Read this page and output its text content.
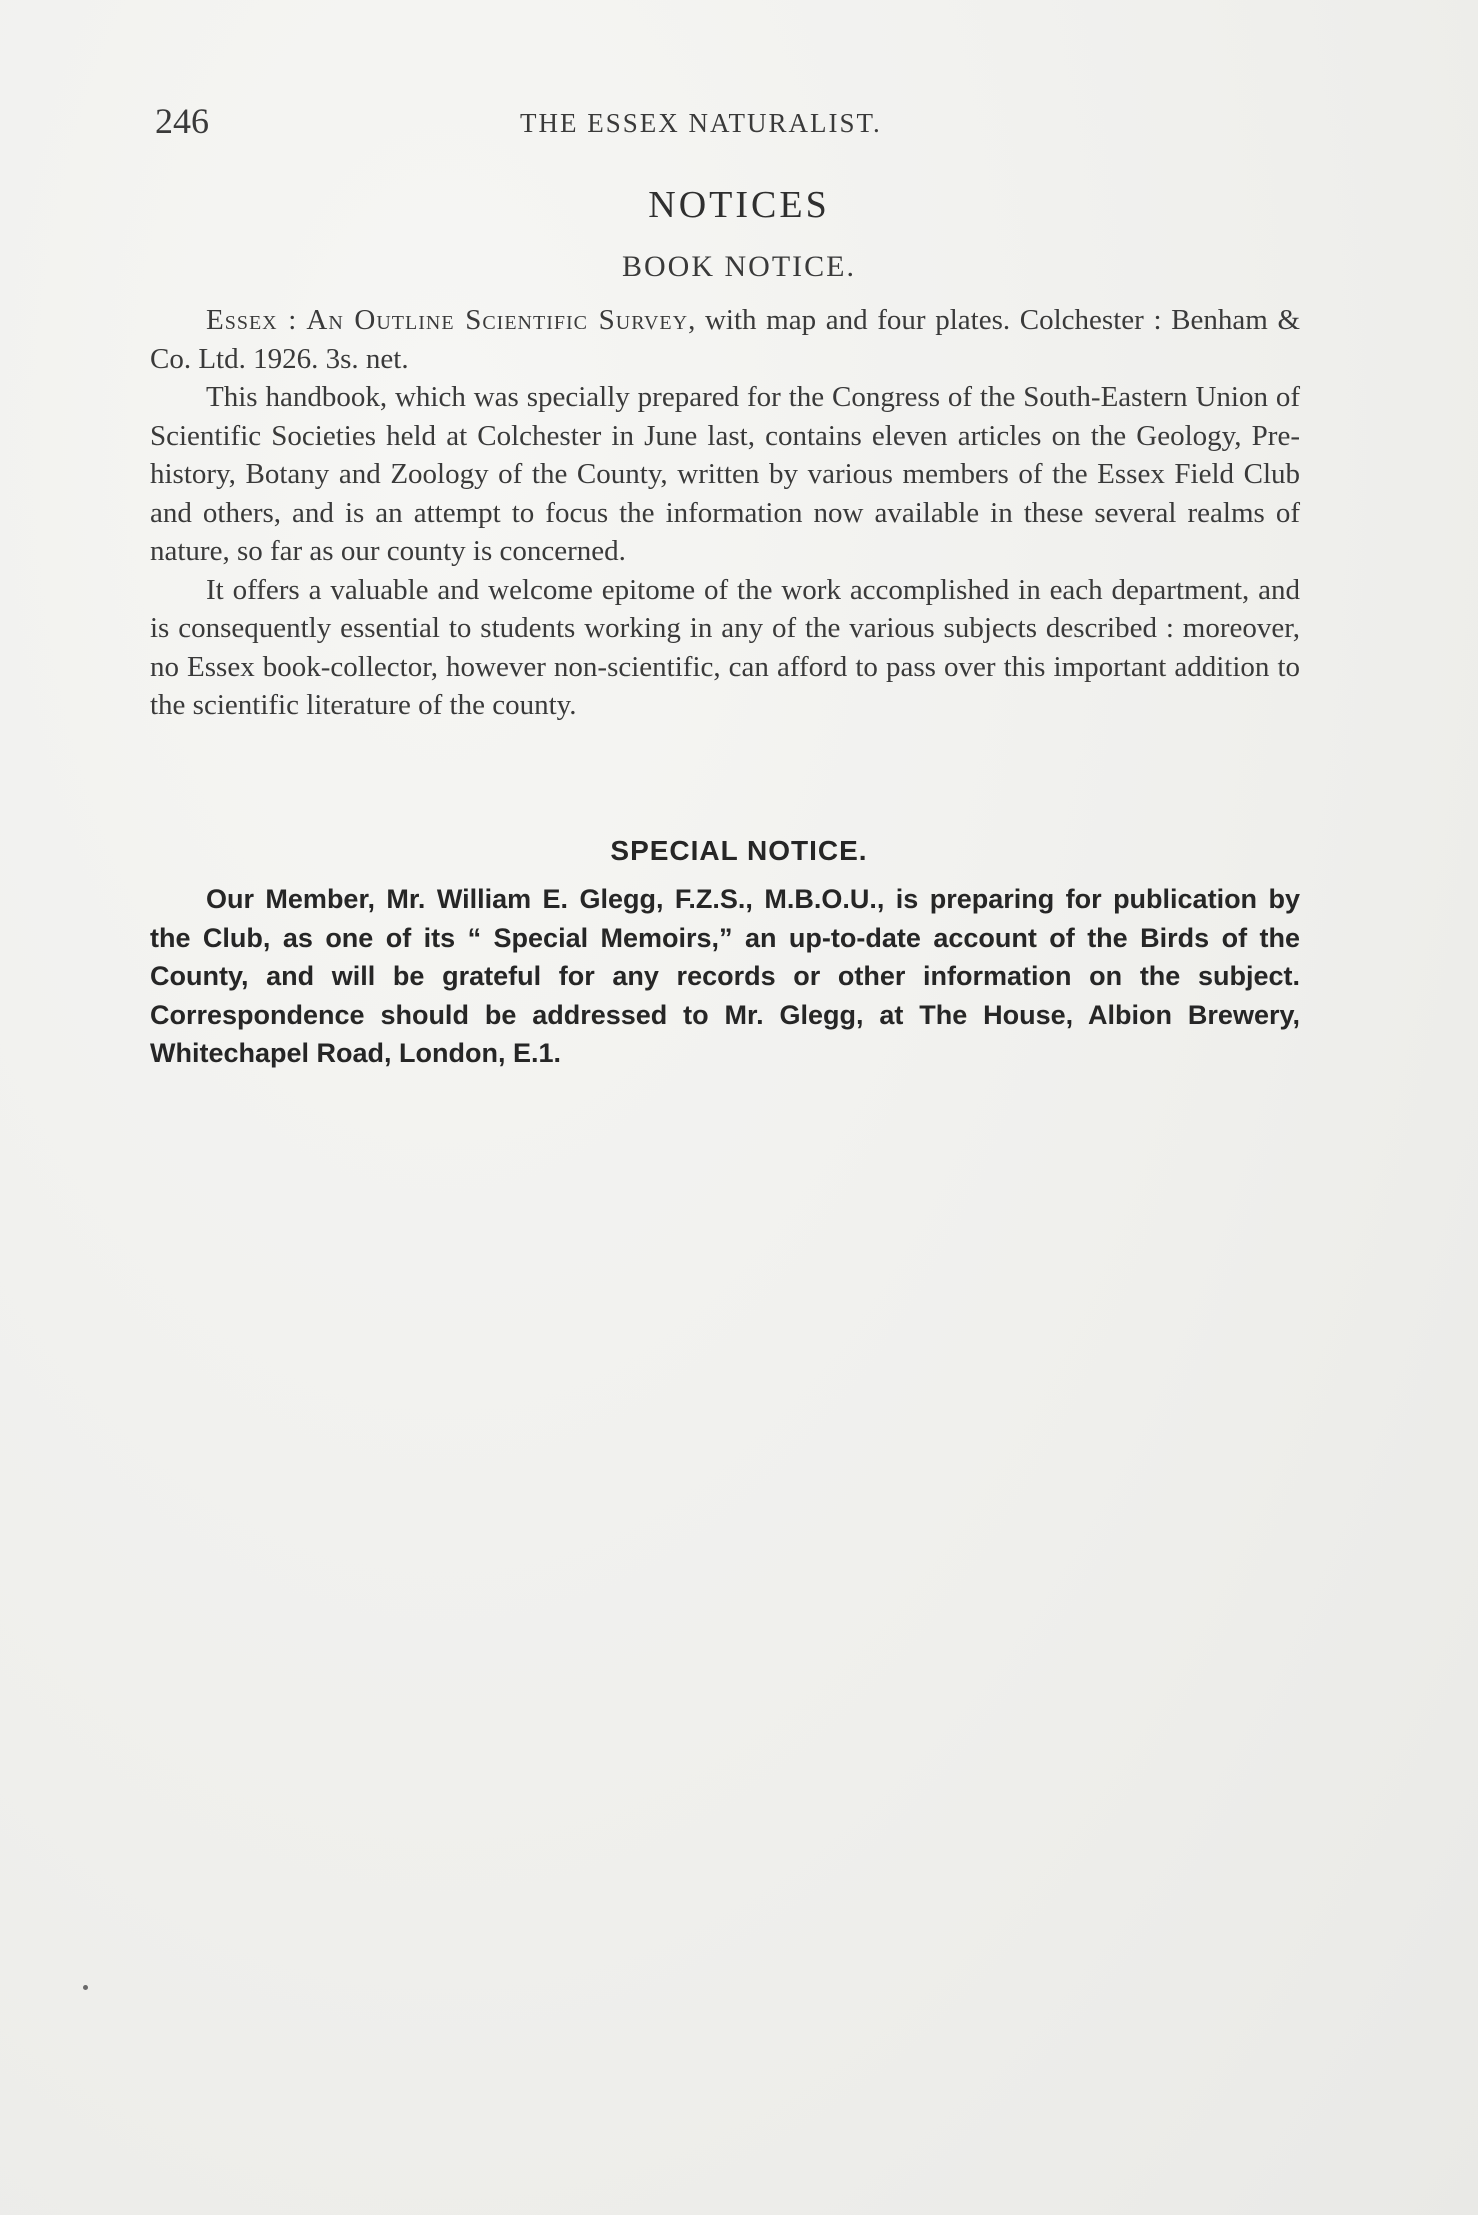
246	THE ESSEX NATURALIST.
NOTICES
BOOK NOTICE.

Essex : An Outline Scientific Survey, with map and four plates. Colchester : Benham & Co. Ltd. 1926. 3s. net.

This handbook, which was specially prepared for the Congress of the South-Eastern Union of Scientific Societies held at Colchester in June last, contains eleven articles on the Geology, Pre-history, Botany and Zoology of the County, written by various members of the Essex Field Club and others, and is an attempt to focus the information now available in these several realms of nature, so far as our county is concerned.

It offers a valuable and welcome epitome of the work accomplished in each department, and is consequently essential to students working in any of the various subjects described : moreover, no Essex book-collector, however non-scientific, can afford to pass over this important addition to the scientific literature of the county.

SPECIAL NOTICE.

Our Member, Mr. William E. Glegg, F.Z.S., M.B.O.U., is preparing for publication by the Club, as one of its “ Special Memoirs,” an up-to-date account of the Birds of the County, and will be grateful for any records or other information on the subject. Correspondence should be addressed to Mr. Glegg, at The House, Albion Brewery, Whitechapel Road, London, E.1.
